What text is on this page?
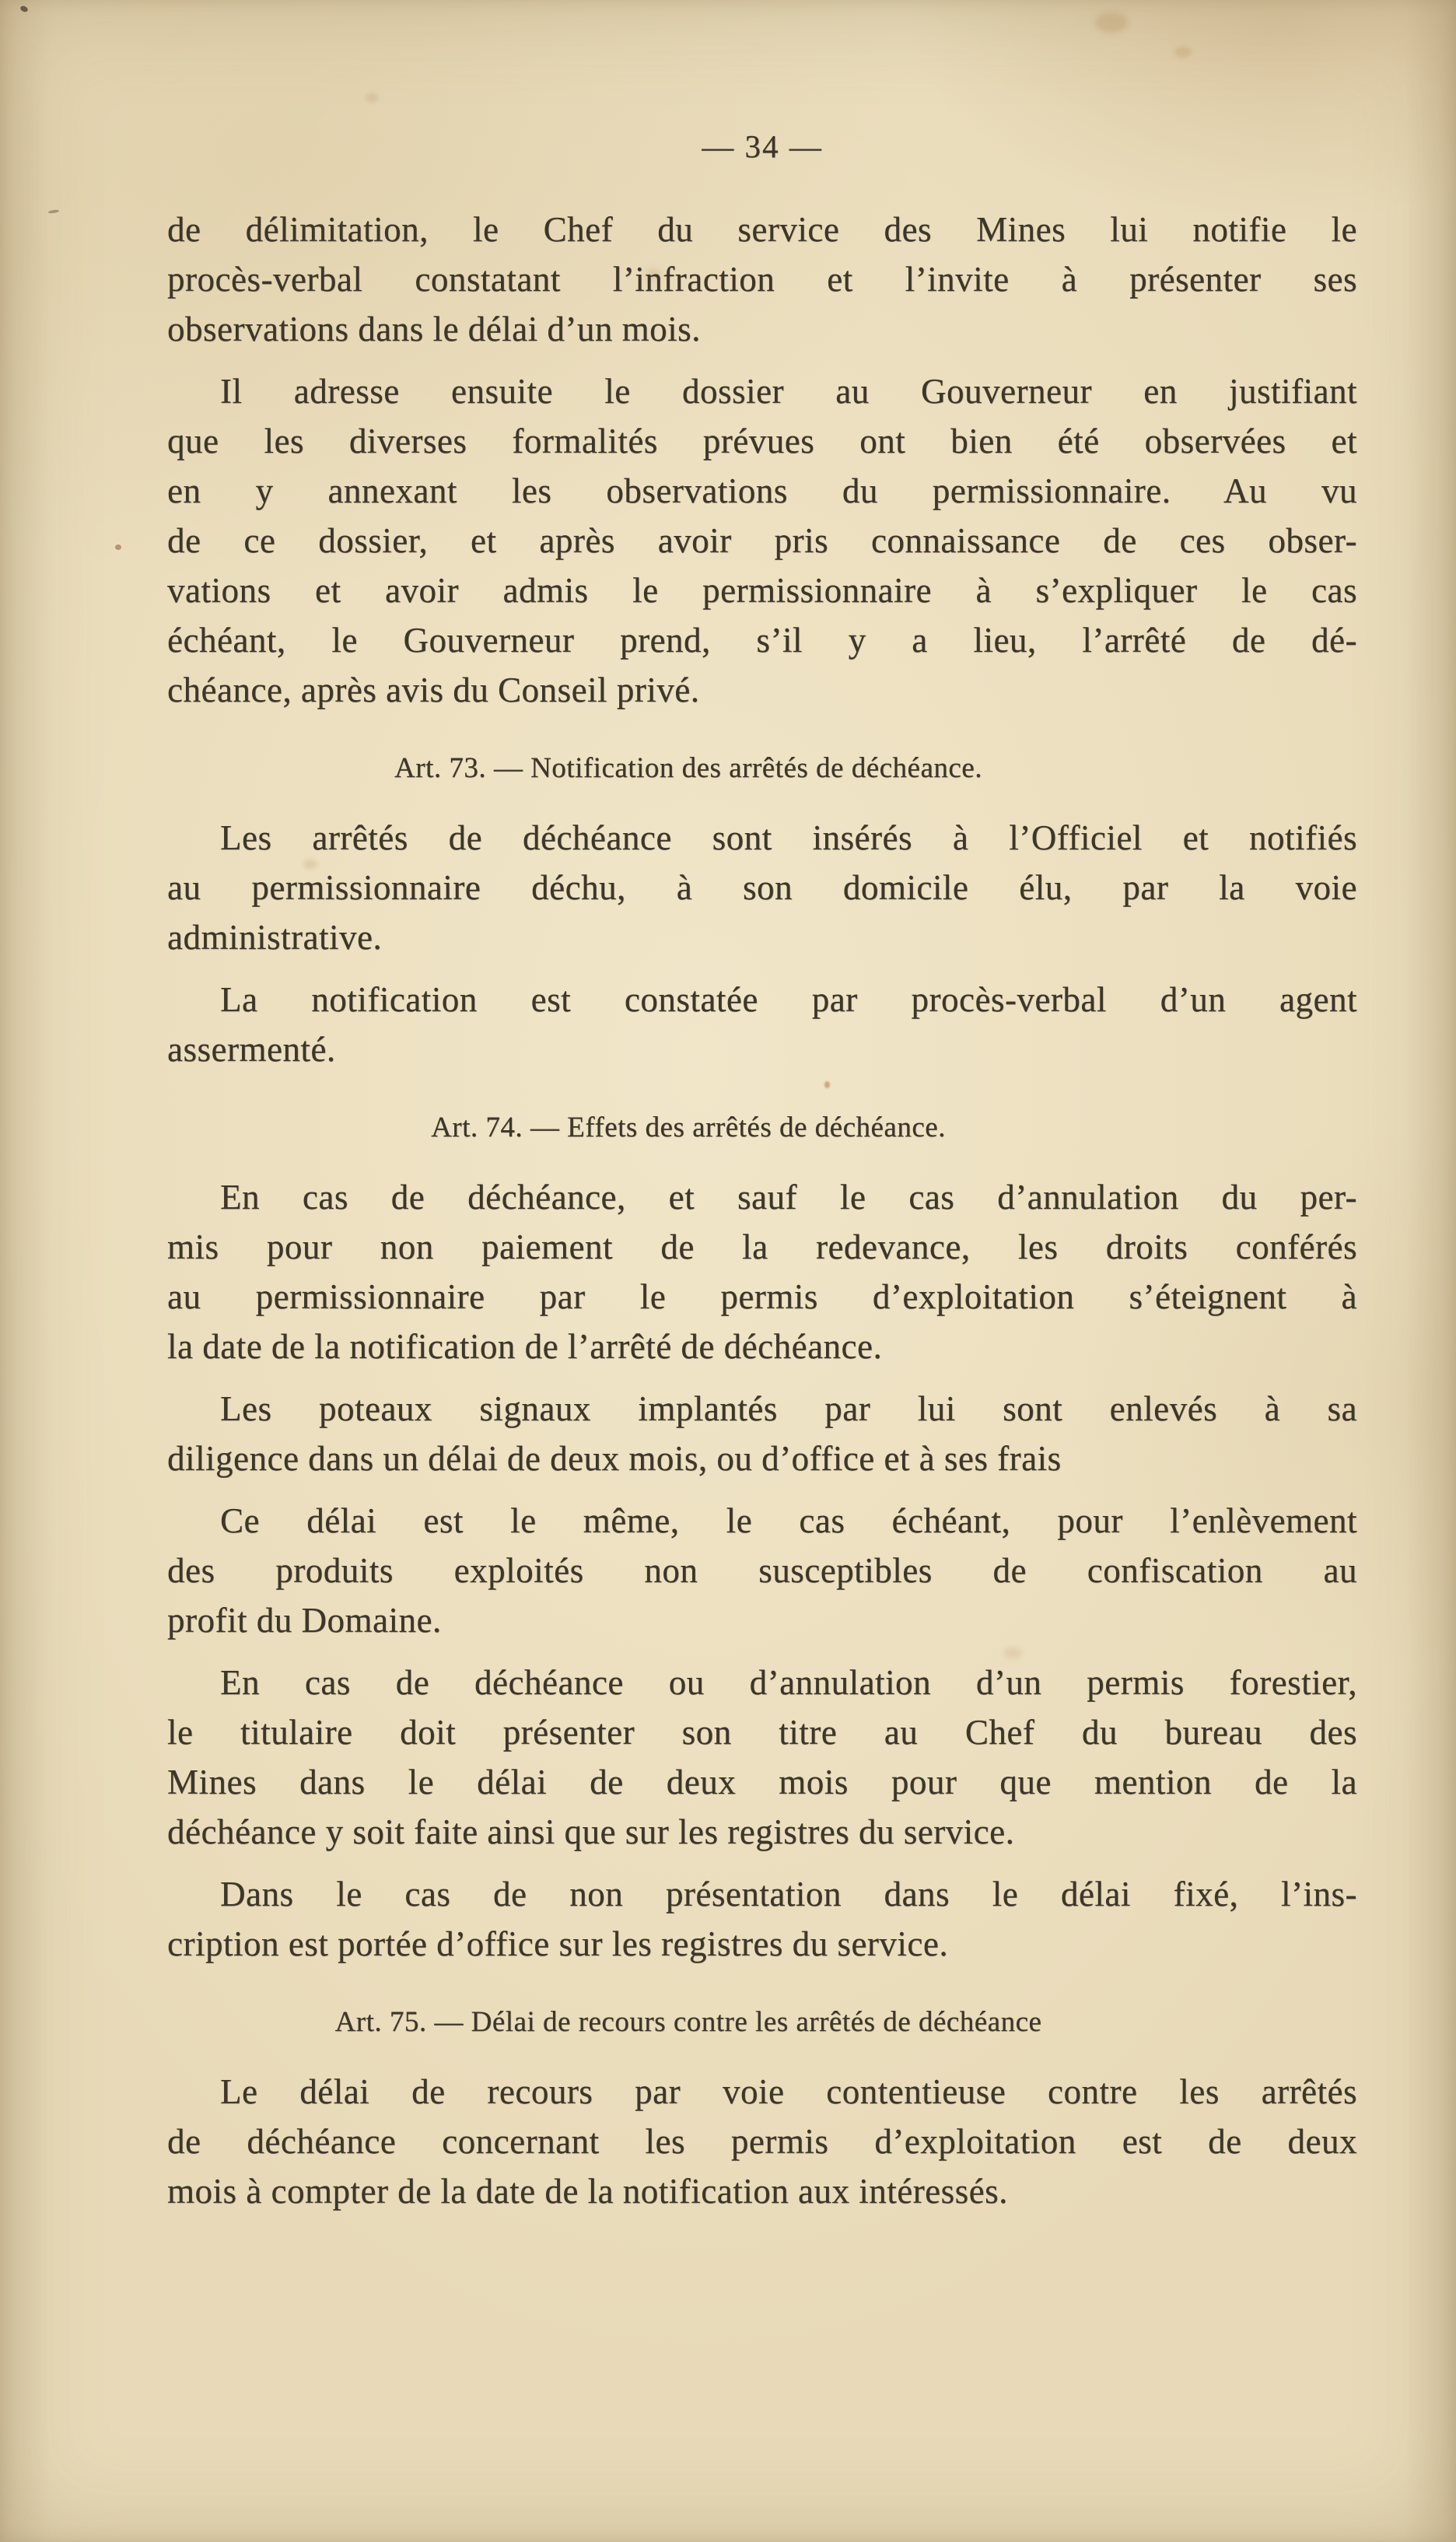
— 34 —
de délimitation, le Chef du service des Mines lui notifie le
procès-verbal constatant l’infraction et l’invite à présenter ses
observations dans le délai d’un mois.
Il adresse ensuite le dossier au Gouverneur en justifiant
que les diverses formalités prévues ont bien été observées et
en y annexant les observations du permissionnaire. Au vu
de ce dossier, et après avoir pris connaissance de ces obser-
vations et avoir admis le permissionnaire à s’expliquer le cas
échéant, le Gouverneur prend, s’il y a lieu, l’arrêté de dé-
chéance, après avis du Conseil privé.
Art. 73. — Notification des arrêtés de déchéance.
Les arrêtés de déchéance sont insérés à l’Officiel et notifiés
au permissionnaire déchu, à son domicile élu, par la voie
administrative.
La notification est constatée par procès-verbal d’un agent
assermenté.
Art. 74. — Effets des arrêtés de déchéance.
En cas de déchéance, et sauf le cas d’annulation du per-
mis pour non paiement de la redevance, les droits conférés
au permissionnaire par le permis d’exploitation s’éteignent à
la date de la notification de l’arrêté de déchéance.
Les poteaux signaux implantés par lui sont enlevés à sa
diligence dans un délai de deux mois, ou d’office et à ses frais
Ce délai est le même, le cas échéant, pour l’enlèvement
des produits exploités non susceptibles de confiscation au
profit du Domaine.
En cas de déchéance ou d’annulation d’un permis forestier,
le titulaire doit présenter son titre au Chef du bureau des
Mines dans le délai de deux mois pour que mention de la
déchéance y soit faite ainsi que sur les registres du service.
Dans le cas de non présentation dans le délai fixé, l’ins-
cription est portée d’office sur les registres du service.
Art. 75. — Délai de recours contre les arrêtés de déchéance
Le délai de recours par voie contentieuse contre les arrêtés
de déchéance concernant les permis d’exploitation est de deux
mois à compter de la date de la notification aux intéressés.
